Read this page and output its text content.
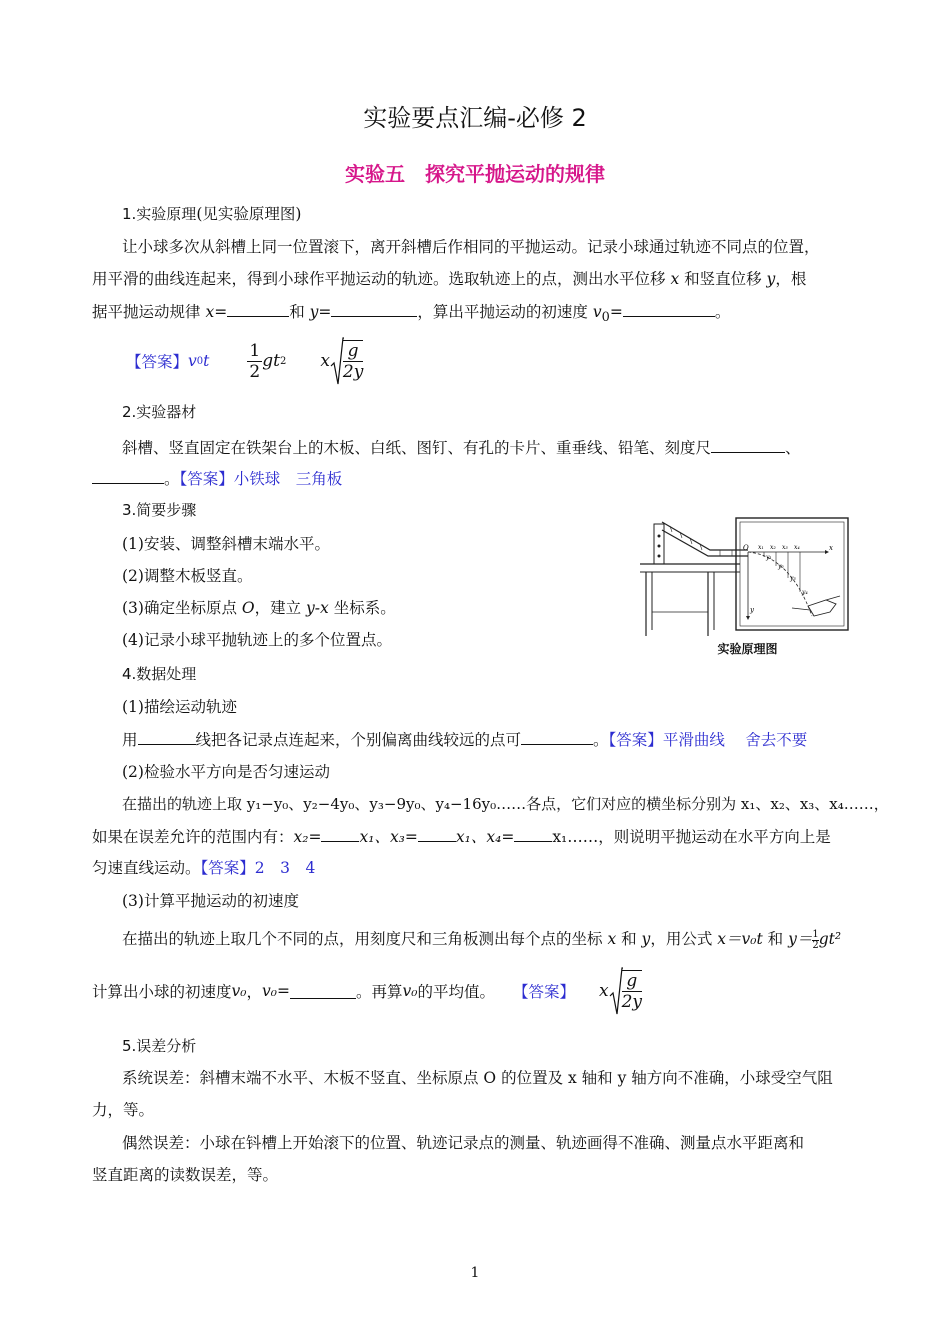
实验要点汇编-必修 2
实验五　探究平抛运动的规律
1.实验原理(见实验原理图)
让小球多次从斜槽上同一位置滚下，离开斜槽后作相同的平抛运动。记录小球通过轨迹不同点的位置，
用平滑的曲线连起来，得到小球作平抛运动的轨迹。选取轨迹上的点，测出水平位移 x 和竖直位移 y，根
据平抛运动规律 x=	和 y=	，算出平抛运动的初速度 $v_0=$	。
【答案】 v 0 t $\frac{1}{2}$ gt 2 x $\frac{g}{2y}$
2.实验器材
斜槽、竖直固定在铁架台上的木板、白纸、图钉、有孔的卡片、重垂线、铅笔、刻度尺	、
。【答案】小铁球　三角板
3.简要步骤
(1)安装、调整斜槽末端水平。
(2)调整木板竖直。
(3)确定坐标原点 O，建立 y-x 坐标系。
(4)记录小球平抛轨迹上的多个位置点。
O	x
y
x₁ x₂ x₃ x₄
y₁
y₂
y₃
y₄
实验原理图
4.数据处理
(1)描绘运动轨迹
用	线把各记录点连起来，个别偏离曲线较远的点可	。【答案】平滑曲线　 舍去不要
(2)检验水平方向是否匀速运动
在描出的轨迹上取 y₁−y₀、y₂−4y₀、y₃−9y₀、y₄−16y₀……各点，它们对应的横坐标分别为 x₁、x₂、x₃、x₄……，
如果在误差允许的范围内有：x₂= x₁、x₃= x₁、x₄= x₁……，则说明平抛运动在水平方向上是
匀速直线运动。【答案】2　3　4
(3)计算平抛运动的初速度
在描出的轨迹上取几个不同的点，用刻度尺和三角板测出每个点的坐标 x 和 y，用公式 x＝v₀t 和 $y= \frac{1}{2} gt^2$
计算出小球的初速度 v₀ ， v₀=	。再算 v₀ 的平均值。 【答案】 x $\frac{g}{2y}$
5.误差分析
系统误差：斜槽末端不水平、木板不竖直、坐标原点 O 的位置及 x 轴和 y 轴方向不准确，小球受空气阻
力，等。
偶然误差：小球在钭槽上开始滚下的位置、轨迹记录点的测量、轨迹画得不准确、测量点水平距离和
竖直距离的读数误差，等。
1
